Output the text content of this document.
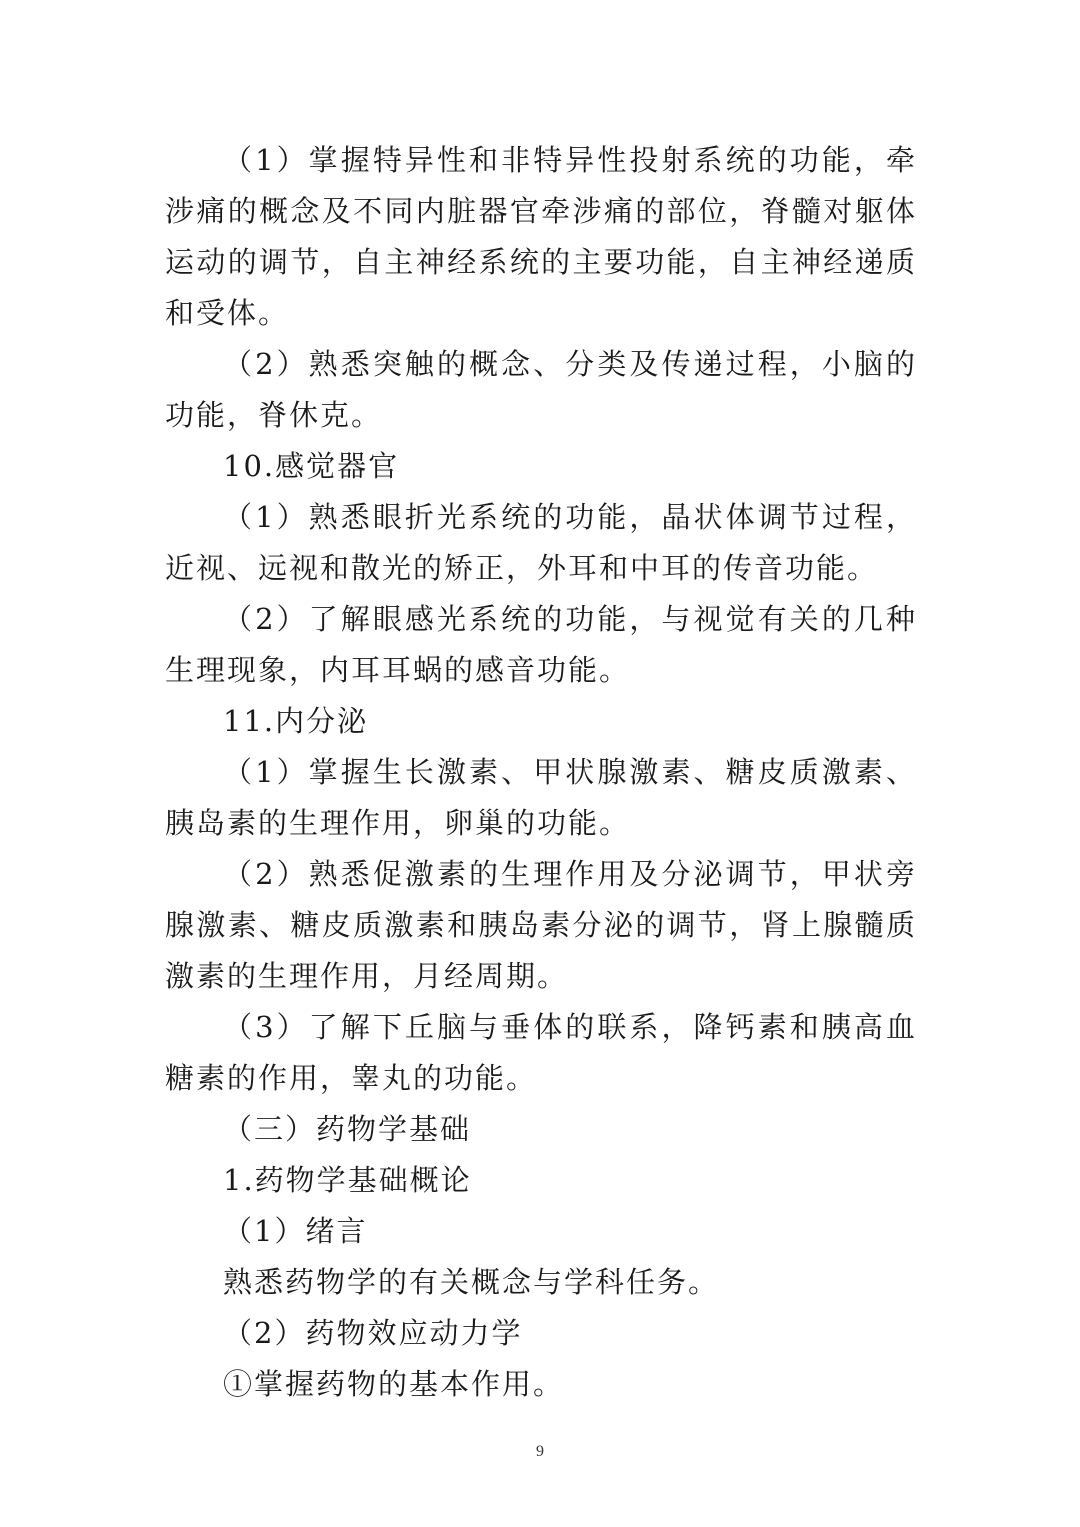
（1）掌握特异性和非特异性投射系统的功能，牵涉痛的概念及不同内脏器官牵涉痛的部位，脊髓对躯体运动的调节，自主神经系统的主要功能，自主神经递质和受体。

（2）熟悉突触的概念、分类及传递过程，小脑的功能，脊休克。

10.感觉器官

（1）熟悉眼折光系统的功能，晶状体调节过程，近视、远视和散光的矫正，外耳和中耳的传音功能。

（2）了解眼感光系统的功能，与视觉有关的几种生理现象，内耳耳蜗的感音功能。

11.内分泌

（1）掌握生长激素、甲状腺激素、糖皮质激素、胰岛素的生理作用，卵巢的功能。

（2）熟悉促激素的生理作用及分泌调节，甲状旁腺激素、糖皮质激素和胰岛素分泌的调节，肾上腺髓质激素的生理作用，月经周期。

（3）了解下丘脑与垂体的联系，降钙素和胰高血糖素的作用，睾丸的功能。

（三）药物学基础

1.药物学基础概论

（1）绪言

熟悉药物学的有关概念与学科任务。

（2）药物效应动力学

①掌握药物的基本作用。

9
